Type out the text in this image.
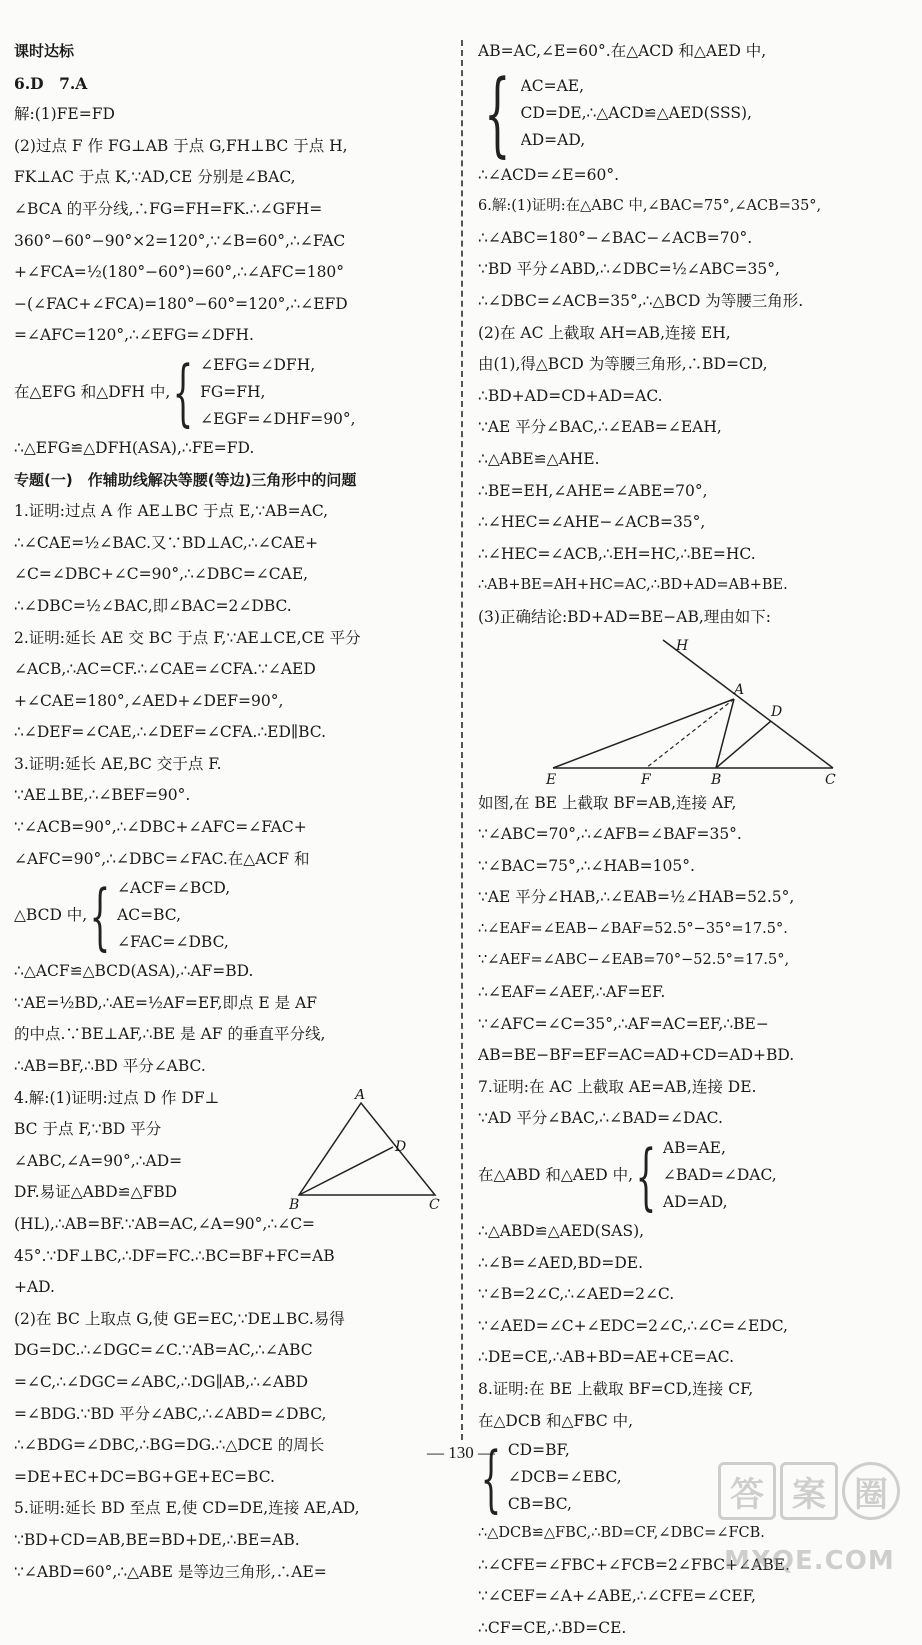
课时达标
6.D　7.A
解:(1)FE=FD
(2)过点 F 作 FG⊥AB 于点 G,FH⊥BC 于点 H,
FK⊥AC 于点 K,∵AD,CE 分别是∠BAC,
∠BCA 的平分线,∴FG=FH=FK.∴∠GFH=
360°−60°−90°×2=120°,∵∠B=60°,∴∠FAC
+∠FCA=½(180°−60°)=60°,∴∠AFC=180°
−(∠FAC+∠FCA)=180°−60°=120°,∴∠EFD
=∠AFC=120°,∴∠EFG=∠DFH.
在△EFG 和△DFH 中, { ∠EFG=∠DFH,
FG=FH,
∠EGF=∠DHF=90°,
∴△EFG≌△DFH(ASA),∴FE=FD.
专题(一)　作辅助线解决等腰(等边)三角形中的问题
1.证明:过点 A 作 AE⊥BC 于点 E,∵AB=AC,
∴∠CAE=½∠BAC.又∵BD⊥AC,∴∠CAE+
∠C=∠DBC+∠C=90°,∴∠DBC=∠CAE,
∴∠DBC=½∠BAC,即∠BAC=2∠DBC.
2.证明:延长 AE 交 BC 于点 F,∵AE⊥CE,CE 平分
∠ACB,∴AC=CF.∴∠CAE=∠CFA.∵∠AED
+∠CAE=180°,∠AED+∠DEF=90°,
∴∠DEF=∠CAE,∴∠DEF=∠CFA.∴ED∥BC.
3.证明:延长 AE,BC 交于点 F.
∵AE⊥BE,∴∠BEF=90°.
∵∠ACB=90°,∴∠DBC+∠AFC=∠FAC+
∠AFC=90°,∴∠DBC=∠FAC.在△ACF 和
△BCD 中, { ∠ACF=∠BCD,
AC=BC,
∠FAC=∠DBC,
∴△ACF≌△BCD(ASA),∴AF=BD.
∵AE=½BD,∴AE=½AF=EF,即点 E 是 AF
的中点.∵BE⊥AF,∴BE 是 AF 的垂直平分线,
∴AB=BF,∴BD 平分∠ABC.
4.解:(1)证明:过点 D 作 DF⊥
BC 于点 F,∵BD 平分
∠ABC,∠A=90°,∴AD=
DF.易证△ABD≌△FBD
A
D
B	C
(HL),∴AB=BF.∵AB=AC,∠A=90°,∴∠C=
45°.∵DF⊥BC,∴DF=FC.∴BC=BF+FC=AB
+AD.
(2)在 BC 上取点 G,使 GE=EC,∵DE⊥BC.易得
DG=DC.∴∠DGC=∠C.∵AB=AC,∴∠ABC
=∠C,∴∠DGC=∠ABC,∴DG∥AB,∴∠ABD
=∠BDG.∵BD 平分∠ABC,∴∠ABD=∠DBC,
∴∠BDG=∠DBC,∴BG=DG.∴△DCE 的周长
=DE+EC+DC=BG+GE+EC=BC.
5.证明:延长 BD 至点 E,使 CD=DE,连接 AE,AD,
∵BD+CD=AB,BE=BD+DE,∴BE=AB.
∵∠ABD=60°,∴△ABE 是等边三角形,∴AE=
AB=AC,∠E=60°.在△ACD 和△AED 中,
{ AC=AE,
CD=DE,∴△ACD≌△AED(SSS),
AD=AD,
∴∠ACD=∠E=60°.
6.解:(1)证明:在△ABC 中,∠BAC=75°,∠ACB=35°,
∴∠ABC=180°−∠BAC−∠ACB=70°.
∵BD 平分∠ABD,∴∠DBC=½∠ABC=35°,
∴∠DBC=∠ACB=35°,∴△BCD 为等腰三角形.
(2)在 AC 上截取 AH=AB,连接 EH,
由(1),得△BCD 为等腰三角形,∴BD=CD,
∴BD+AD=CD+AD=AC.
∵AE 平分∠BAC,∴∠EAB=∠EAH,
∴△ABE≌△AHE.
∴BE=EH,∠AHE=∠ABE=70°,
∴∠HEC=∠AHE−∠ACB=35°,
∴∠HEC=∠ACB,∴EH=HC,∴BE=HC.
∴AB+BE=AH+HC=AC,∴BD+AD=AB+BE.
(3)正确结论:BD+AD=BE−AB,理由如下:
H
A
D
E	F	B	C
如图,在 BE 上截取 BF=AB,连接 AF,
∵∠ABC=70°,∴∠AFB=∠BAF=35°.
∵∠BAC=75°,∴∠HAB=105°.
∵AE 平分∠HAB,∴∠EAB=½∠HAB=52.5°,
∴∠EAF=∠EAB−∠BAF=52.5°−35°=17.5°.
∵∠AEF=∠ABC−∠EAB=70°−52.5°=17.5°,
∴∠EAF=∠AEF,∴AF=EF.
∵∠AFC=∠C=35°,∴AF=AC=EF,∴BE−
AB=BE−BF=EF=AC=AD+CD=AD+BD.
7.证明:在 AC 上截取 AE=AB,连接 DE.
∵AD 平分∠BAC,∴∠BAD=∠DAC.
在△ABD 和△AED 中, { AB=AE,
∠BAD=∠DAC,
AD=AD,
∴△ABD≌△AED(SAS),
∴∠B=∠AED,BD=DE.
∵∠B=2∠C,∴∠AED=2∠C.
∵∠AED=∠C+∠EDC=2∠C,∴∠C=∠EDC,
∴DE=CE,∴AB+BD=AE+CE=AC.
8.证明:在 BE 上截取 BF=CD,连接 CF,
在△DCB 和△FBC 中,
{ CD=BF,
∠DCB=∠EBC,
CB=BC,
∴△DCB≌△FBC,∴BD=CF,∠DBC=∠FCB.
∴∠CFE=∠FBC+∠FCB=2∠FBC+∠ABE.
∵∠CEF=∠A+∠ABE,∴∠CFE=∠CEF,
∴CF=CE,∴BD=CE.
— 130 —
答 案 圈
MXQE.COM
